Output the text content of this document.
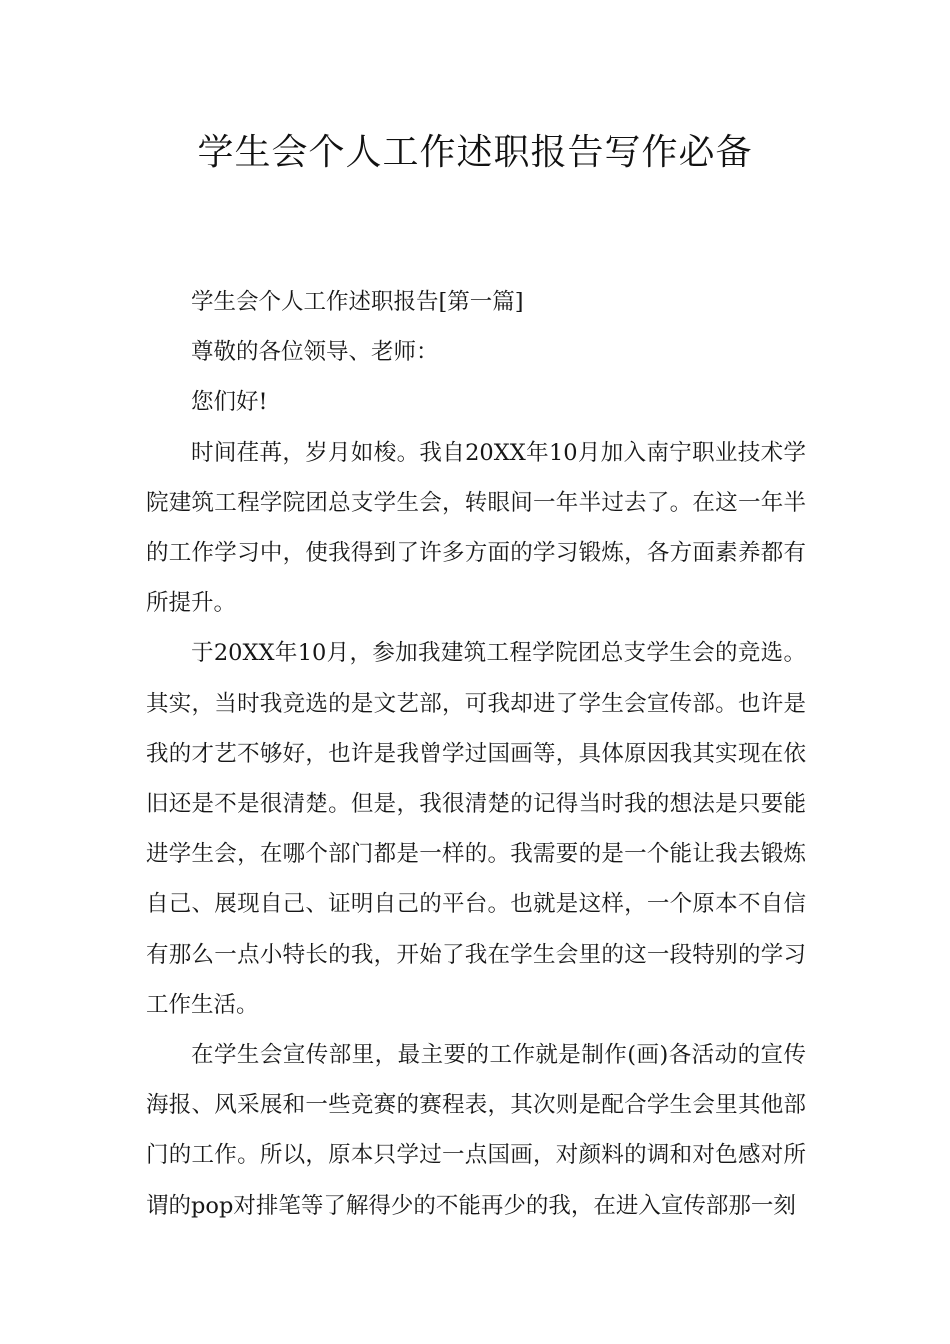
学生会个人工作述职报告写作必备

学生会个人工作述职报告[第一篇]

尊敬的各位领导、老师：

您们好!

时间荏苒，岁月如梭。我自20XX年10月加入南宁职业技术学院建筑工程学院团总支学生会，转眼间一年半过去了。在这一年半的工作学习中，使我得到了许多方面的学习锻炼，各方面素养都有所提升。

于20XX年10月，参加我建筑工程学院团总支学生会的竞选。其实，当时我竞选的是文艺部，可我却进了学生会宣传部。也许是我的才艺不够好，也许是我曾学过国画等，具体原因我其实现在依旧还是不是很清楚。但是，我很清楚的记得当时我的想法是只要能进学生会，在哪个部门都是一样的。我需要的是一个能让我去锻炼自己、展现自己、证明自己的平台。也就是这样，一个原本不自信有那么一点小特长的我，开始了我在学生会里的这一段特别的学习工作生活。

在学生会宣传部里，最主要的工作就是制作(画)各活动的宣传海报、风采展和一些竞赛的赛程表，其次则是配合学生会里其他部门的工作。所以，原本只学过一点国画，对颜料的调和对色感对所谓的pop对排笔等了解得少的不能再少的我，在进入宣传部那一刻
